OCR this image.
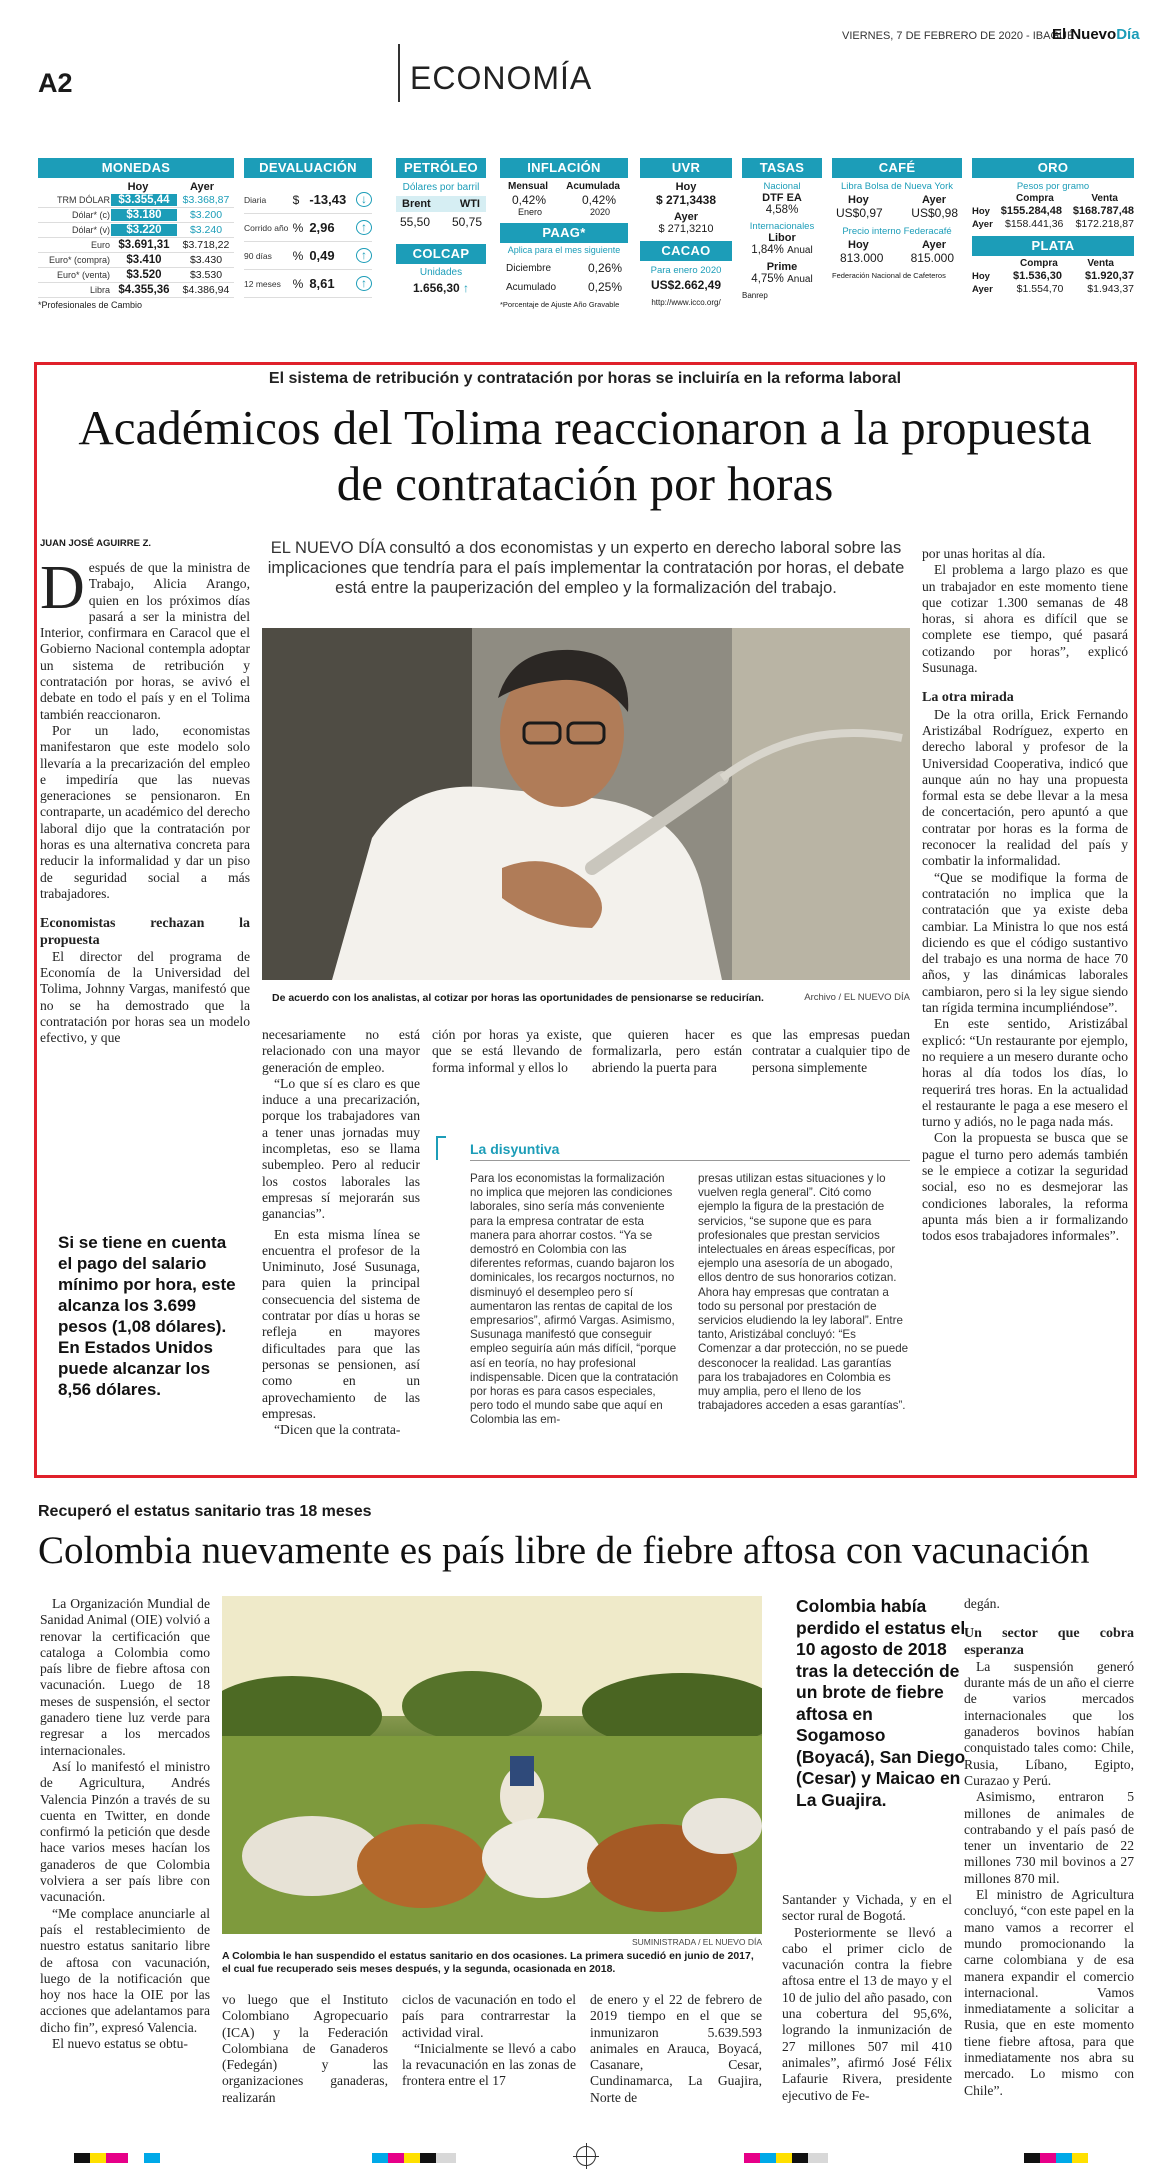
VIERNES, 7 DE FEBRERO DE 2020 - IBAGUÉ
El NuevoDía
A2	ECONOMÍA
MONEDAS
Hoy	Ayer
TRM DÓLAR $3.355,44	$3.368,87
Dólar* (c)	$3.180	$3.200
Dólar* (v)	$3.220	$3.240
Euro $3.691,31	$3.718,22
Euro* (compra)	$3.410	$3.430
Euro* (venta)	$3.520	$3.530
Libra $4.355,36	$4.386,94
*Profesionales de Cambio
DEVALUACIÓN
Diaria	$ -13,43	↓
Corrido año % 2,96	↑
90 días	% 0,49	↑
12 meses % 8,61	↑
PETRÓLEO
Dólares por barril
Brent	WTI
55,50 50,75
COLCAP
Unidades
1.656,30 ↑
INFLACIÓN
Mensual Acumulada
0,42%	0,42%
Enero	2020
PAAG*
Aplica para el mes siguiente
Diciembre	0,26%
Acumulado	0,25%
*Porcentaje de Ajuste Año Gravable
UVR
Hoy
$ 271,3438
Ayer
$ 271,3210
CACAO
Para enero 2020
US$2.662,49
http://www.icco.org/
TASAS
Nacional
DTF EA
4,58%
Internacionales
Libor
1,84% Anual
Prime
4,75% Anual
Banrep
CAFÉ
Libra Bolsa de Nueva York
Hoy	Ayer
US$0,97 US$0,98
Precio interno Federacafé
Hoy	Ayer
813.000 815.000
Federación Nacional de Cafeteros
ORO
Pesos por gramo
Compra	Venta
Hoy $155.284,48 $168.787,48
Ayer $158.441,36 $172.218,87
PLATA
Compra	Venta
Hoy $1.536,30 $1.920,37
Ayer $1.554,70 $1.943,37
El sistema de retribución y contratación por horas se incluiría en la reforma laboral
Académicos del Tolima reaccionaron a la propuesta de contratación por horas
JUAN JOSÉ AGUIRRE Z.	EL NUEVO DÍA consultó a dos economistas y un experto en derecho laboral sobre las implicaciones que tendría para el país implementar la contratación por horas, el debate está entre la pauperización del empleo y la formalización del trabajo.

Después de que la ministra de Trabajo, Alicia Arango, quien en los próximos días pasará a ser la ministra del Interior, confirmara en Caracol que el Gobierno Nacional contempla adoptar un sistema de retribución y contratación por horas, se avivó el debate en todo el país y en el Tolima también reaccionaron.

Por un lado, economistas manifestaron que este modelo solo llevaría a la precarización del empleo e impediría que las nuevas generaciones se pensionaron. En contraparte, un académico del derecho laboral dijo que la contratación por horas es una alternativa concreta para reducir la informalidad y dar un piso de seguridad social a más trabajadores.

Economistas rechazan la propuesta

El director del programa de Economía de la Universidad del Tolima, Johnny Vargas, manifestó que no se ha demostrado que la contratación por horas sea un modelo efectivo, y que

Si se tiene en cuenta el pago del salario mínimo por hora, este alcanza los 3.699 pesos (1,08 dólares). En Estados Unidos puede alcanzar los 8,56 dólares.
De acuerdo con los analistas, al cotizar por horas las oportunidades de pensionarse se reducirían.	Archivo / EL NUEVO DÍA

necesariamente no está relacionado con una mayor generación de empleo.

“Lo que sí es claro es que induce a una precarización, porque los trabajadores van a tener unas jornadas muy incompletas, eso se llama subempleo. Pero al reducir los costos laborales las empresas sí mejorarán sus ganancias”.

En esta misma línea se encuentra el profesor de la Uniminuto, José Susunaga, para quien la principal consecuencia del sistema de contratar por días u horas se refleja en mayores dificultades para que las personas se pensionen, así como en un aprovechamiento de las empresas.

“Dicen que la contrata-

ción por horas ya existe, que se está llevando de forma informal y ellos lo

que quieren hacer es formalizarla, pero están abriendo la puerta para

que las empresas puedan contratar a cualquier tipo de persona simplemente

La disyuntiva
Para los economistas la formalización no implica que mejoren las condiciones laborales, sino sería más conveniente para la empresa contratar de esta manera para ahorrar costos. “Ya se demostró en Colombia con las diferentes reformas, cuando bajaron los dominicales, los recargos nocturnos, no disminuyó el desempleo pero sí aumentaron las rentas de capital de los empresarios”, afirmó Vargas. Asimismo, Susunaga manifestó que conseguir empleo seguiría aún más difícil, “porque así en teoría, no hay profesional indispensable. Dicen que la contratación por horas es para casos especiales, pero todo el mundo sabe que aquí en Colombia las em-
presas utilizan estas situaciones y lo vuelven regla general”. Citó como ejemplo la figura de la prestación de servicios, “se supone que es para profesionales que prestan servicios intelectuales en áreas específicas, por ejemplo una asesoría de un abogado, ellos dentro de sus honorarios cotizan. Ahora hay empresas que contratan a todo su personal por prestación de servicios eludiendo la ley laboral”. Entre tanto, Aristizábal concluyó: “Es Comenzar a dar protección, no se puede desconocer la realidad. Las garantías para los trabajadores en Colombia es muy amplia, pero el lleno de los trabajadores acceden a esas garantías”.

por unas horitas al día.

El problema a largo plazo es que un trabajador en este momento tiene que cotizar 1.300 semanas de 48 horas, si ahora es difícil que se complete ese tiempo, qué pasará cotizando por horas”, explicó Susunaga.

La otra mirada

De la otra orilla, Erick Fernando Aristizábal Rodríguez, experto en derecho laboral y profesor de la Universidad Cooperativa, indicó que aunque aún no hay una propuesta formal esta se debe llevar a la mesa de concertación, pero apuntó a que contratar por horas es la forma de reconocer la realidad del país y combatir la informalidad.

“Que se modifique la forma de contratación no implica que la contratación que ya existe deba cambiar. La Ministra lo que nos está diciendo es que el código sustantivo del trabajo es una norma de hace 70 años, y las dinámicas laborales cambiaron, pero si la ley sigue siendo tan rígida termina incumpliéndose”.

En este sentido, Aristizábal explicó: “Un restaurante por ejemplo, no requiere a un mesero durante ocho horas al día todos los días, lo requerirá tres horas. En la actualidad el restaurante le paga a ese mesero el turno y adiós, no le paga nada más.

Con la propuesta se busca que se pague el turno pero además también se le empiece a cotizar la seguridad social, eso no es desmejorar las condiciones laborales, la reforma apunta más bien a ir formalizando todos esos trabajadores informales”.

Recuperó el estatus sanitario tras 18 meses
Colombia nuevamente es país libre de fiebre aftosa con vacunación

La Organización Mundial de Sanidad Animal (OIE) volvió a renovar la certificación que cataloga a Colombia como país libre de fiebre aftosa con vacunación. Luego de 18 meses de suspensión, el sector ganadero tiene luz verde para regresar a los mercados internacionales.

Así lo manifestó el ministro de Agricultura, Andrés Valencia Pinzón a través de su cuenta en Twitter, en donde confirmó la petición que desde hace varios meses hacían los ganaderos de que Colombia volviera a ser país libre con vacunación.

“Me complace anunciarle al país el restablecimiento de nuestro estatus sanitario libre de aftosa con vacunación, luego de la notificación que hoy nos hace la OIE por las acciones que adelantamos para dicho fin”, expresó Valencia.

El nuevo estatus se obtu-

SUMINISTRADA / EL NUEVO DÍA
A Colombia le han suspendido el estatus sanitario en dos ocasiones. La primera sucedió en junio de 2017, el cual fue recuperado seis meses después, y la segunda, ocasionada en 2018.

vo luego que el Instituto Colombiano Agropecuario (ICA) y la Federación Colombiana de Ganaderos (Fedegán) y las organizaciones ganaderas, realizarán

ciclos de vacunación en todo el país para contrarrestar la actividad viral.

“Inicialmente se llevó a cabo la revacunación en las zonas de frontera entre el 17

de enero y el 22 de febrero de 2019 tiempo en el que se inmunizaron 5.639.593 animales en Arauca, Boyacá, Casanare, Cesar, Cundinamarca, La Guajira, Norte de

Colombia había perdido el estatus el 10 agosto de 2018 tras la detección de un brote de fiebre aftosa en Sogamoso (Boyacá), San Diego (Cesar) y Maicao en La Guajira.

Santander y Vichada, y en el sector rural de Bogotá.

Posteriormente se llevó a cabo el primer ciclo de vacunación contra la fiebre aftosa entre el 13 de mayo y el 10 de julio del año pasado, con una cobertura del 95,6%, logrando la inmunización de 27 millones 507 mil 410 animales”, afirmó José Félix Lafaurie Rivera, presidente ejecutivo de Fe-

degán.

Un sector que cobra esperanza

La suspensión generó durante más de un año el cierre de varios mercados internacionales que los ganaderos bovinos habían conquistado tales como: Chile, Rusia, Líbano, Egipto, Curazao y Perú.

Asimismo, entraron 5 millones de animales de contrabando y el país pasó de tener un inventario de 22 millones 730 mil bovinos a 27 millones 870 mil.

El ministro de Agricultura concluyó, “con este papel en la mano vamos a recorrer el mundo promocionando la carne colombiana y de esa manera expandir el comercio internacional. Vamos inmediatamente a solicitar a Rusia, que en este momento tiene fiebre aftosa, para que inmediatamente nos abra su mercado. Lo mismo con Chile”.
